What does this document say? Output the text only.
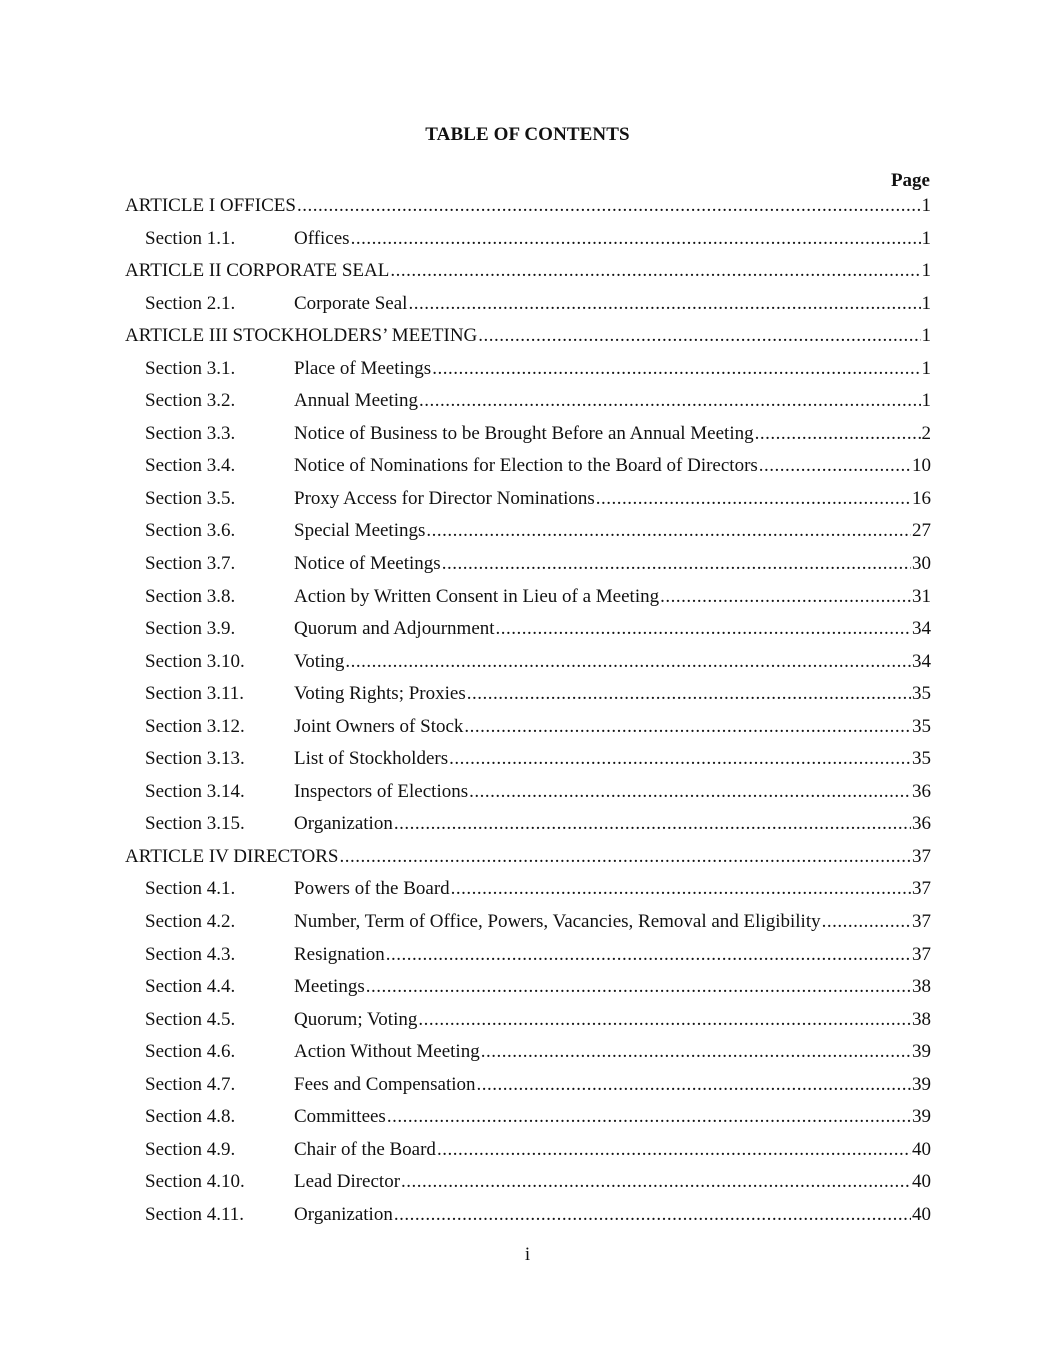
TABLE OF CONTENTS
Page
ARTICLE I OFFICES .....	1
Section 1.1.	Offices .....	1
ARTICLE II CORPORATE SEAL .....	1
Section 2.1.	Corporate Seal .....	1
ARTICLE III STOCKHOLDERS’ MEETING .....	1
Section 3.1.	Place of Meetings .....	1
Section 3.2.	Annual Meeting .....	1
Section 3.3.	Notice of Business to be Brought Before an Annual Meeting .....	2
Section 3.4.	Notice of Nominations for Election to the Board of Directors .....	10
Section 3.5.	Proxy Access for Director Nominations .....	16
Section 3.6.	Special Meetings .....	27
Section 3.7.	Notice of Meetings .....	30
Section 3.8.	Action by Written Consent in Lieu of a Meeting .....	31
Section 3.9.	Quorum and Adjournment .....	34
Section 3.10.	Voting .....	34
Section 3.11.	Voting Rights; Proxies .....	35
Section 3.12.	Joint Owners of Stock .....	35
Section 3.13.	List of Stockholders .....	35
Section 3.14.	Inspectors of Elections .....	36
Section 3.15.	Organization .....	36
ARTICLE IV DIRECTORS .....	37
Section 4.1.	Powers of the Board .....	37
Section 4.2.	Number, Term of Office, Powers, Vacancies, Removal and Eligibility .....	37
Section 4.3.	Resignation .....	37
Section 4.4.	Meetings .....	38
Section 4.5.	Quorum; Voting .....	38
Section 4.6.	Action Without Meeting .....	39
Section 4.7.	Fees and Compensation .....	39
Section 4.8.	Committees .....	39
Section 4.9.	Chair of the Board .....	40
Section 4.10.	Lead Director .....	40
Section 4.11.	Organization .....	40
i
